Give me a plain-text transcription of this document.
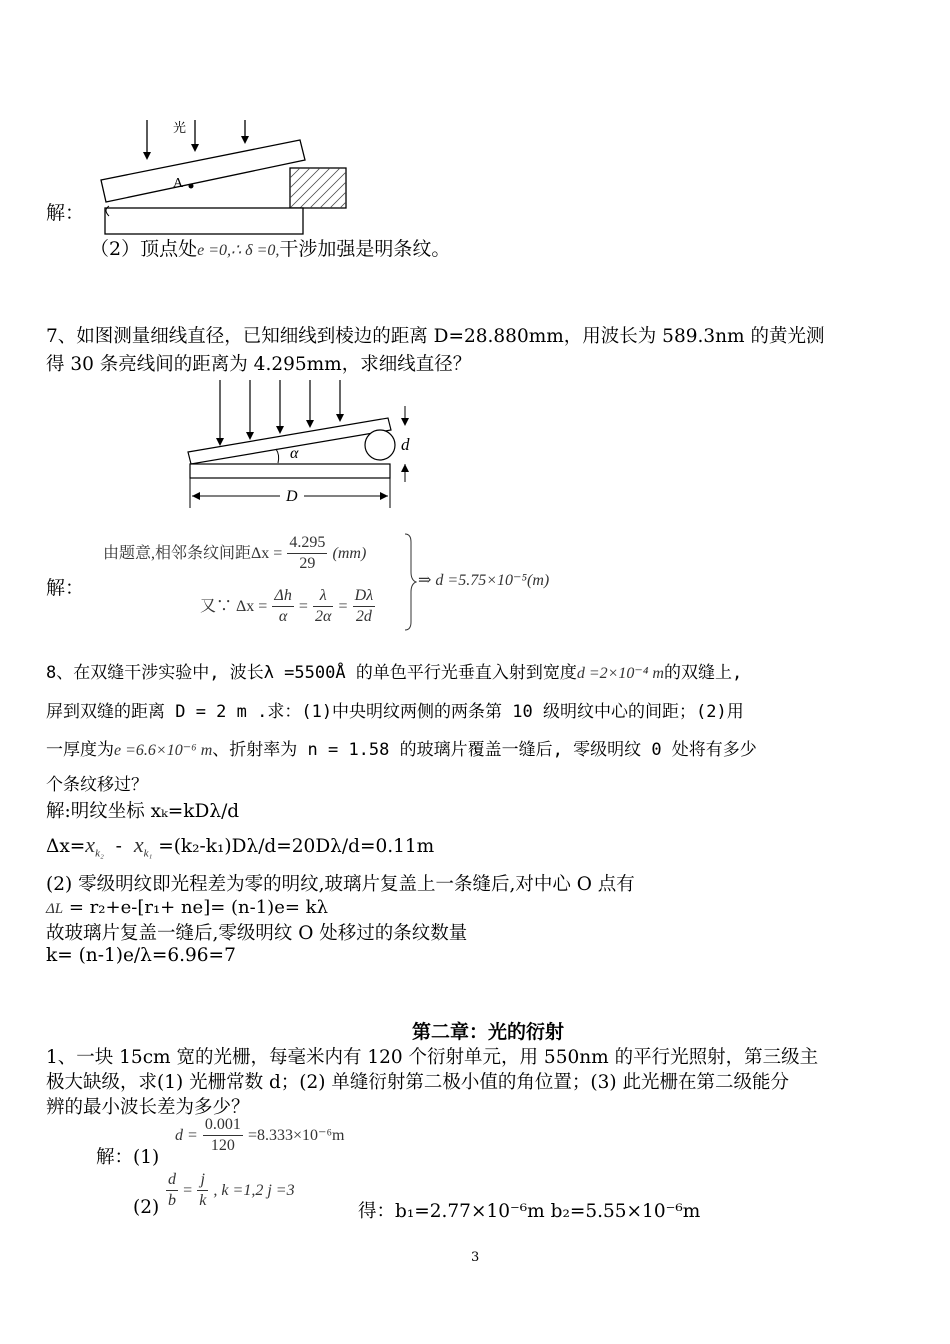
光
A
解：
（2）顶点处e =0,∴ δ =0,干涉加强是明条纹。
7、如图测量细线直径，已知细线到棱边的距离 D=28.880mm，用波长为 589.3nm 的黄光测
得 30 条亮线间的距离为 4.295mm，求细线直径？
α	d
D
解：
由题意,相邻条纹间距$\Delta x = \frac{4.295}{29} (mm)$
又∵ $\Delta x = \frac{\Delta h}{\alpha} = \frac{\lambda}{2\alpha} = \frac{D\lambda}{2d}$
⇒ d =5.75×10⁻⁵(m)
8、在双缝干涉实验中, 波长λ =5500Å 的单色平行光垂直入射到宽度d =2×10⁻⁴ m的双缝上,
屏到双缝的距离 D = 2 m .求：(1)中央明纹两侧的两条第 10 级明纹中心的间距；(2)用
一厚度为e =6.6×10⁻⁶ m、折射率为 n = 1.58 的玻璃片覆盖一缝后, 零级明纹 0 处将有多少
个条纹移过？
解:明纹坐标 xₖ=kDλ/d
$\Delta x=x_{k_2} - x_{k_1} =(k_2-k_1)D\lambda/d=20D\lambda/d=0.11m$
(2) 零级明纹即光程差为零的明纹,玻璃片复盖上一条缝后,对中心 O 点有
ΔL = r₂+e-[r₁+ ne]= (n-1)e= kλ
故玻璃片复盖一缝后,零级明纹 O 处移过的条纹数量
k= (n-1)e/λ=6.96=7
第二章：光的衍射
1、一块 15cm 宽的光栅，每毫米内有 120 个衍射单元，用 550nm 的平行光照射，第三级主
极大缺级，求(1) 光栅常数 d；(2) 单缝衍射第二极小值的角位置；(3) 此光栅在第二级能分
辨的最小波长差为多少？
解：(1)
$d = \frac{0.001}{120} =8.333\times 10^{-6}m$
$(2) \frac{d}{b} = \frac{j}{k}$ , k =1,2 j =3
得：b₁=2.77×10⁻⁶m b₂=5.55×10⁻⁶m
3
